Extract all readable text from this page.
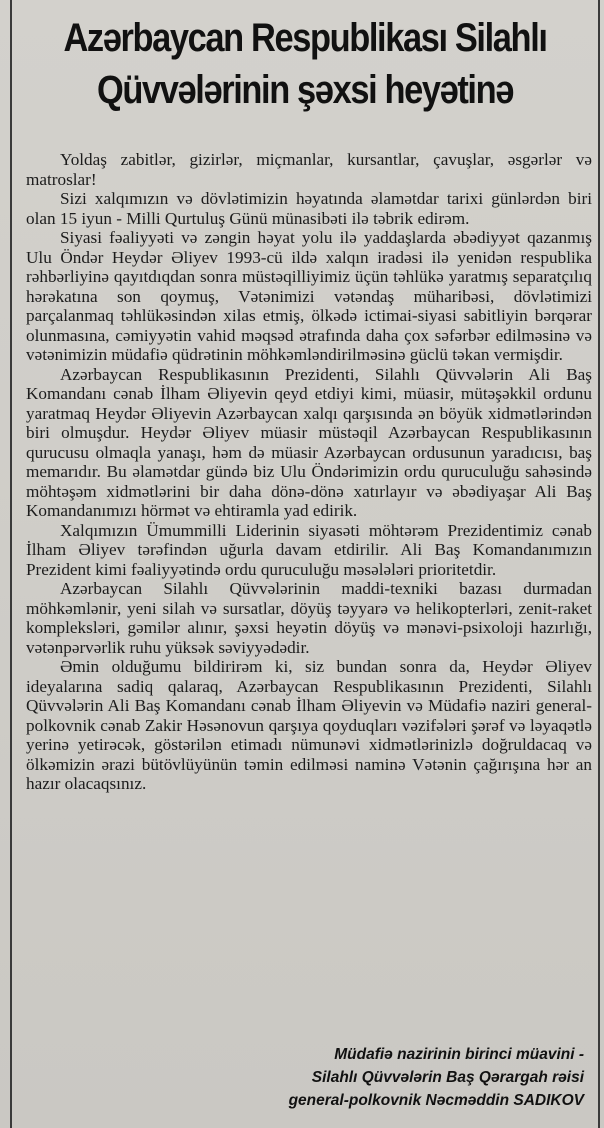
Azərbaycan Respublikası Silahlı
Qüvvələrinin şəxsi heyətinə

Yoldaş zabitlər, gizirlər, miçmanlar, kursantlar, çavuşlar, əsgərlər və matroslar!

Sizi xalqımızın və dövlətimizin həyatında əlamətdar tarixi günlərdən biri olan 15 iyun - Milli Qurtuluş Günü münasibəti ilə təbrik edirəm.

Siyasi fəaliyyəti və zəngin həyat yolu ilə yaddaşlarda əbədiyyət qazanmış Ulu Öndər Heydər Əliyev 1993-cü ildə xalqın iradəsi ilə yenidən respublika rəhbərliyinə qayıtdıqdan sonra müstəqilliyimiz üçün təhlükə yaratmış separatçılıq hərəkatına son qoymuş, Vətənimizi vətəndaş müharibəsi, dövlətimizi parçalanmaq təhlükəsindən xilas etmiş, ölkədə ictimai-siyasi sabitliyin bərqərar olunmasına, cəmiyyətin vahid məqsəd ətrafında daha çox səfərbər edilməsinə və vətənimizin müdafiə qüdrətinin möhkəmləndirilməsinə güclü təkan vermişdir.

Azərbaycan Respublikasının Prezidenti, Silahlı Qüvvələrin Ali Baş Komandanı cənab İlham Əliyevin qeyd etdiyi kimi, müasir, mütəşəkkil ordunu yaratmaq Heydər Əliyevin Azərbaycan xalqı qarşısında ən böyük xidmətlərindən biri olmuşdur. Heydər Əliyev müasir müstəqil Azərbaycan Respublikasının qurucusu olmaqla yanaşı, həm də müasir Azərbaycan ordusunun yaradıcısı, baş memarıdır. Bu əlamətdar gündə biz Ulu Öndərimizin ordu quruculuğu sahəsində möhtəşəm xidmətlərini bir daha dönə-dönə xatırlayır və əbədiyaşar Ali Baş Komandanımızı hörmət və ehtiramla yad edirik.

Xalqımızın Ümummilli Liderinin siyasəti möhtərəm Prezidentimiz cənab İlham Əliyev tərəfindən uğurla davam etdirilir. Ali Baş Komandanımızın Prezident kimi fəaliyyətində ordu quruculuğu məsələləri prioritetdir.

Azərbaycan Silahlı Qüvvələrinin maddi-texniki bazası durmadan möhkəmlənir, yeni silah və sursatlar, döyüş təyyarə və helikopterləri, zenit-raket kompleksləri, gəmilər alınır, şəxsi heyətin döyüş və mənəvi-psixoloji hazırlığı, vətənpərvərlik ruhu yüksək səviyyədədir.

Əmin olduğumu bildirirəm ki, siz bundan sonra da, Heydər Əliyev ideyalarına sadiq qalaraq, Azərbaycan Respublikasının Prezidenti, Silahlı Qüvvələrin Ali Baş Komandanı cənab İlham Əliyevin və Müdafiə naziri general-polkovnik cənab Zakir Həsənovun qarşıya qoyduqları vəzifələri şərəf və ləyaqətlə yerinə yetirəcək, göstərilən etimadı nümunəvi xidmətlərinizlə doğruldacaq və ölkəmizin ərazi bütövlüyünün təmin edilməsi naminə Vətənin çağırışına hər an hazır olacaqsınız.

Müdafiə nazirinin birinci müavini -
Silahlı Qüvvələrin Baş Qərargah rəisi
general-polkovnik Nəcməddin SADIKOV
